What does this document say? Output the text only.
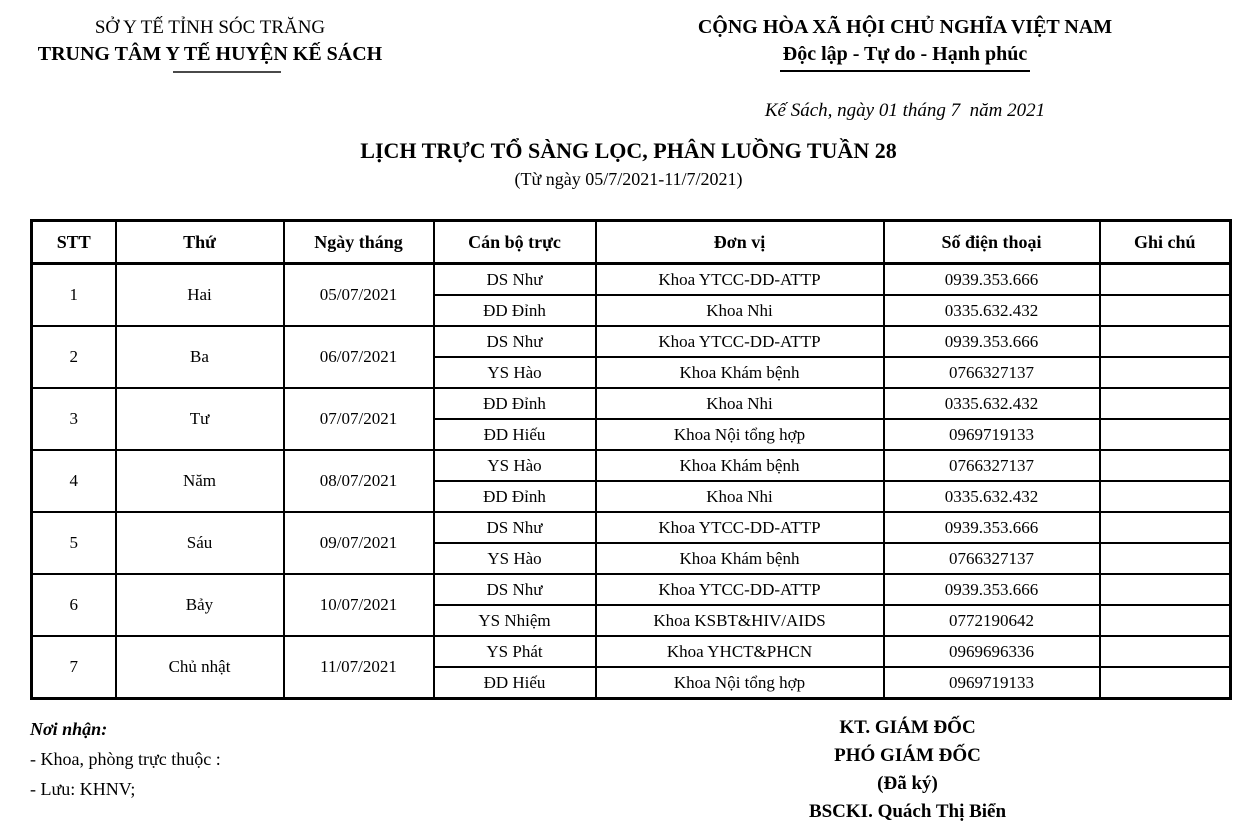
SỞ Y TẾ TỈNH SÓC TRĂNG
TRUNG TÂM Y TẾ HUYỆN KẾ SÁCH
CỘNG HÒA XÃ HỘI CHỦ NGHĨA VIỆT NAM
Độc lập - Tự do - Hạnh phúc
Kế Sách, ngày 01 tháng 7  năm 2021
LỊCH TRỰC TỔ SÀNG LỌC, PHÂN LUỒNG TUẦN 28
(Từ ngày 05/7/2021-11/7/2021)
STT	Thứ	Ngày tháng	Cán bộ trực	Đơn vị	Số điện thoại	Ghi chú
1	Hai	05/07/2021	DS Như	Khoa YTCC-DD-ATTP	0939.353.666	
			ĐD Đỉnh	Khoa Nhi	0335.632.432	
2	Ba	06/07/2021	DS Như	Khoa YTCC-DD-ATTP	0939.353.666	
			YS Hào	Khoa Khám bệnh	0766327137	
3	Tư	07/07/2021	ĐD Đỉnh	Khoa Nhi	0335.632.432	
			ĐD Hiếu	Khoa Nội tổng hợp	0969719133	
4	Năm	08/07/2021	YS Hào	Khoa Khám bệnh	0766327137	
			ĐD Đỉnh	Khoa Nhi	0335.632.432	
5	Sáu	09/07/2021	DS Như	Khoa YTCC-DD-ATTP	0939.353.666	
			YS Hào	Khoa Khám bệnh	0766327137	
6	Bảy	10/07/2021	DS Như	Khoa YTCC-DD-ATTP	0939.353.666	
			YS Nhiệm	Khoa KSBT&HIV/AIDS	0772190642	
7	Chủ nhật	11/07/2021	YS Phát	Khoa YHCT&PHCN	0969696336	
			ĐD Hiếu	Khoa Nội tổng hợp	0969719133	
Nơi nhận:
- Khoa, phòng trực thuộc :
- Lưu: KHNV;
KT. GIÁM ĐỐC
PHÓ GIÁM ĐỐC
(Đã ký)
BSCKI. Quách Thị Biển
